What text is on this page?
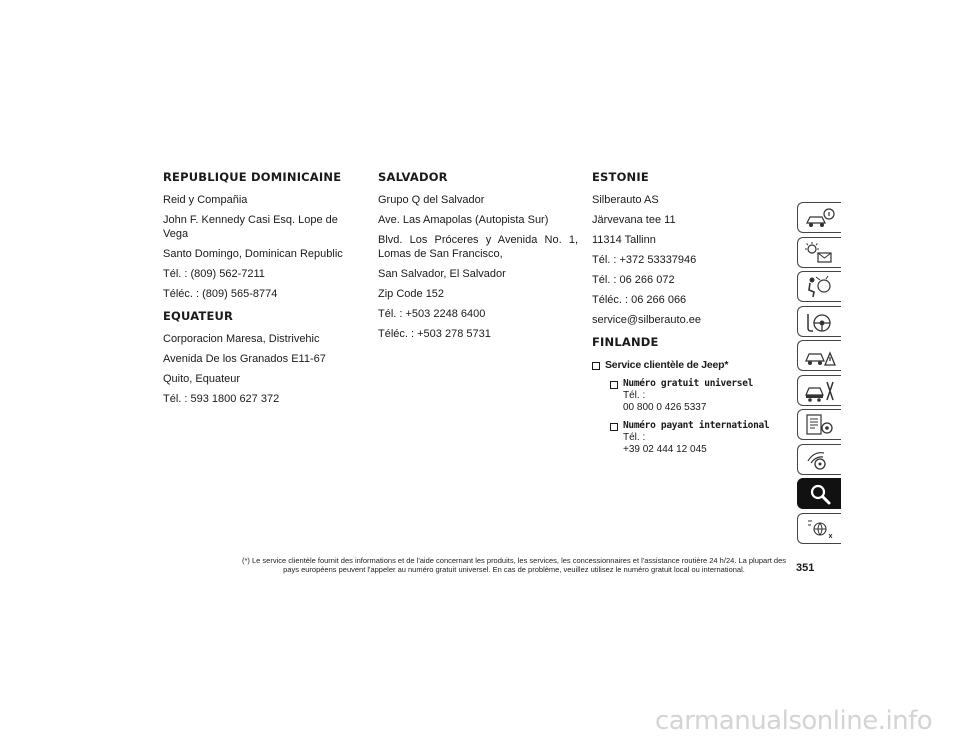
REPUBLIQUE DOMINICAINE

Reid y Compañia

John F. Kennedy Casi Esq. Lope de Vega

Santo Domingo, Dominican Republic

Tél. : (809) 562-7211

Téléc. : (809) 565-8774

EQUATEUR

Corporacion Maresa, Distrivehic

Avenida De los Granados E11-67

Quito, Equateur

Tél. : 593 1800 627 372

SALVADOR

Grupo Q del Salvador

Ave. Las Amapolas (Autopista Sur)

Blvd. Los Próceres y Avenida No. 1, Lomas de San Francisco,

San Salvador, El Salvador

Zip Code 152

Tél. : +503 2248 6400

Téléc. : +503 278 5731

ESTONIE

Silberauto AS

Järvevana tee 11

11314 Tallinn

Tél. : +372 53337946

Tél. : 06 266 072

Téléc. : 06 266 066

service@silberauto.ee

FINLANDE
Service clientèle de Jeep*
Numéro gratuit universel Tél. :
00 800 0 426 5337
Numéro payant international Tél. :
+39 02 444 12 045
(*) Le service clientèle fournit des informations et de l'aide concernant les produits, les services, les concessionnaires et l'assistance routière 24 h/24. La plupart des pays européens peuvent l'appeler au numéro gratuit universel. En cas de problème, veuillez utilisez le numéro gratuit local ou international.	351
carmanualsonline.info
